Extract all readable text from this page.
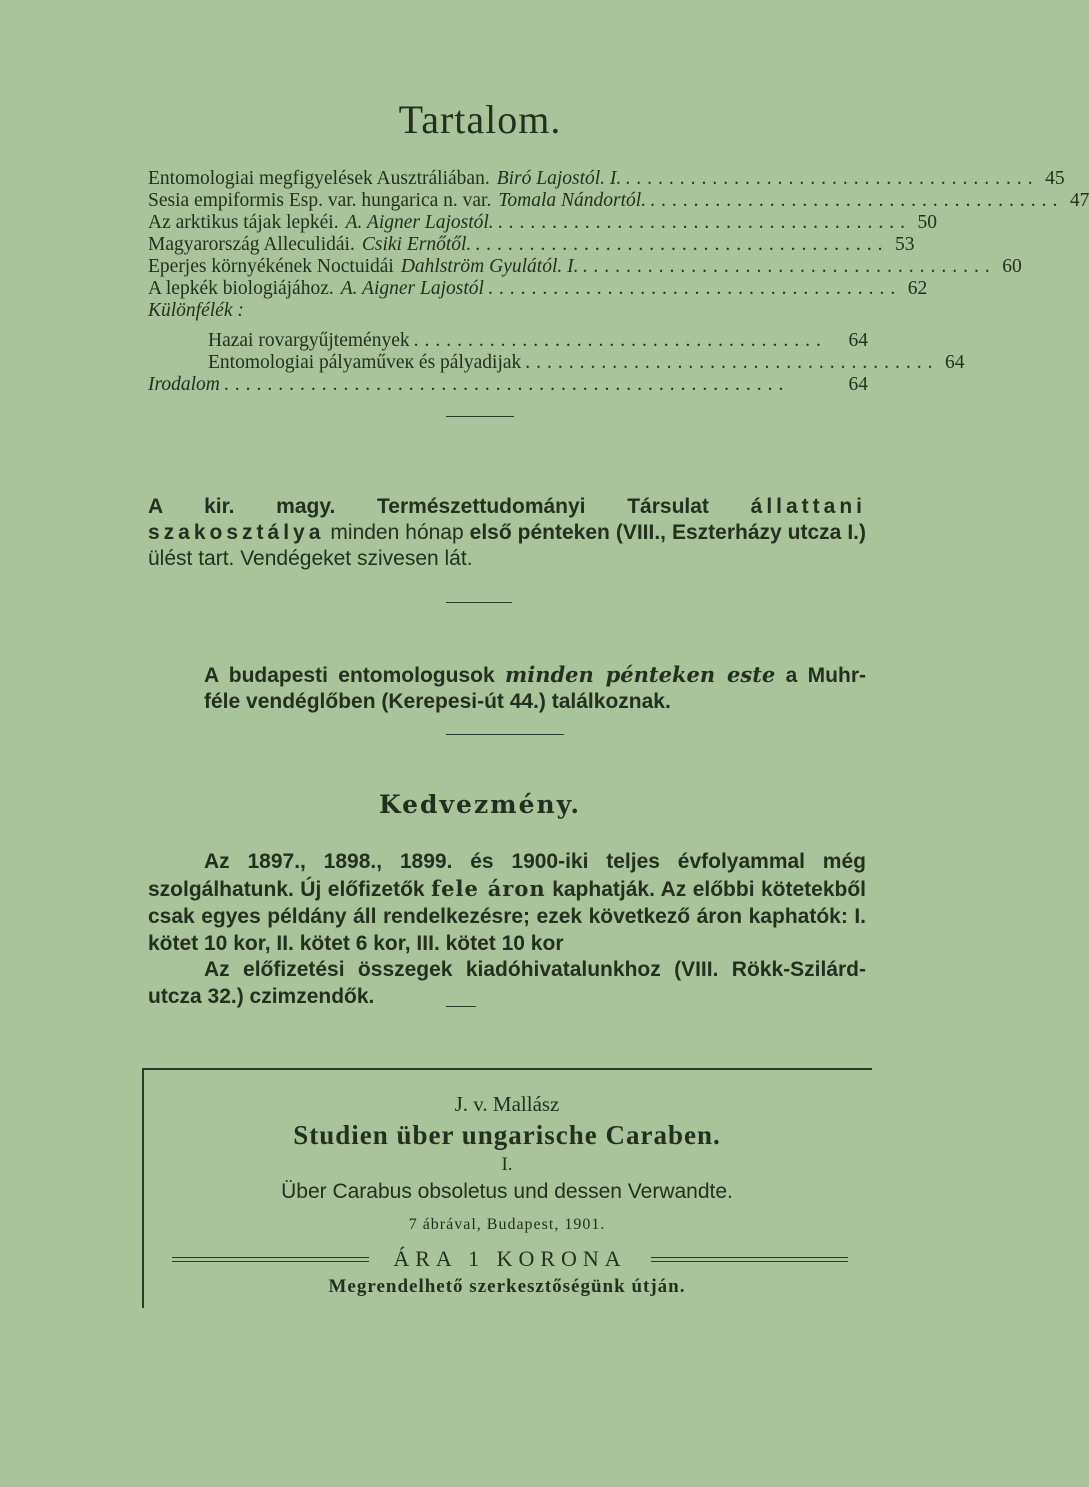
Tartalom.
Entomologiai megfigyelések Ausztráliában. Biró Lajostól. I. ...................................... 45
Sesia empiformis Esp. var. hungarica n. var. Tomala Nándortól. ...................................... 47
Az arktikus tájak lepkéi. A. Aigner Lajostól. ...................................... 50
Magyarország Alleculidái. Csiki Ernőtől. ...................................... 53
Eperjes környékének Noctuidái Dahlström Gyulától. I. ...................................... 60
A lepkék biologiájához. A. Aigner Lajostól ...................................... 62
Különfélék :
Hazai rovargyűjtemények ......................................	64
Entomologiai pályaműveк és pályadijak ...................................... 64
Irodalom ....................................................	64
A kir. magy. Természettudományi Társulat állattani szakosztálya minden hónap első pénteken (VIII., Eszterházy utcza I.) ülést tart. Vendégeket szivesen lát.
A budapesti entomologusok minden pénteken este a Muhr-féle vendéglőben (Kerepesi-út 44.) találkoznak.
Kedvezmény.
Az 1897., 1898., 1899. és 1900-iki teljes évfolyammal még szolgálhatunk. Új előfizetők fele áron kaphatják. Az előbbi kötetekből csak egyes példány áll rendelkezésre; ezek következő áron kaphatók: I. kötet 10 kor, II. kötet 6 kor, III. kötet 10 kor
Az előfizetési összegek kiadóhivatalunkhoz (VIII. Rökk-Szilárd-utcza 32.) czimzendők.
J. v. Mallász
Studien über ungarische Caraben.
I.
Über Carabus obsoletus und dessen Verwandte.
7 ábrával, Budapest, 1901.
ÁRA 1 KORONA
Megrendelhető szerkesztőségünk útján.
